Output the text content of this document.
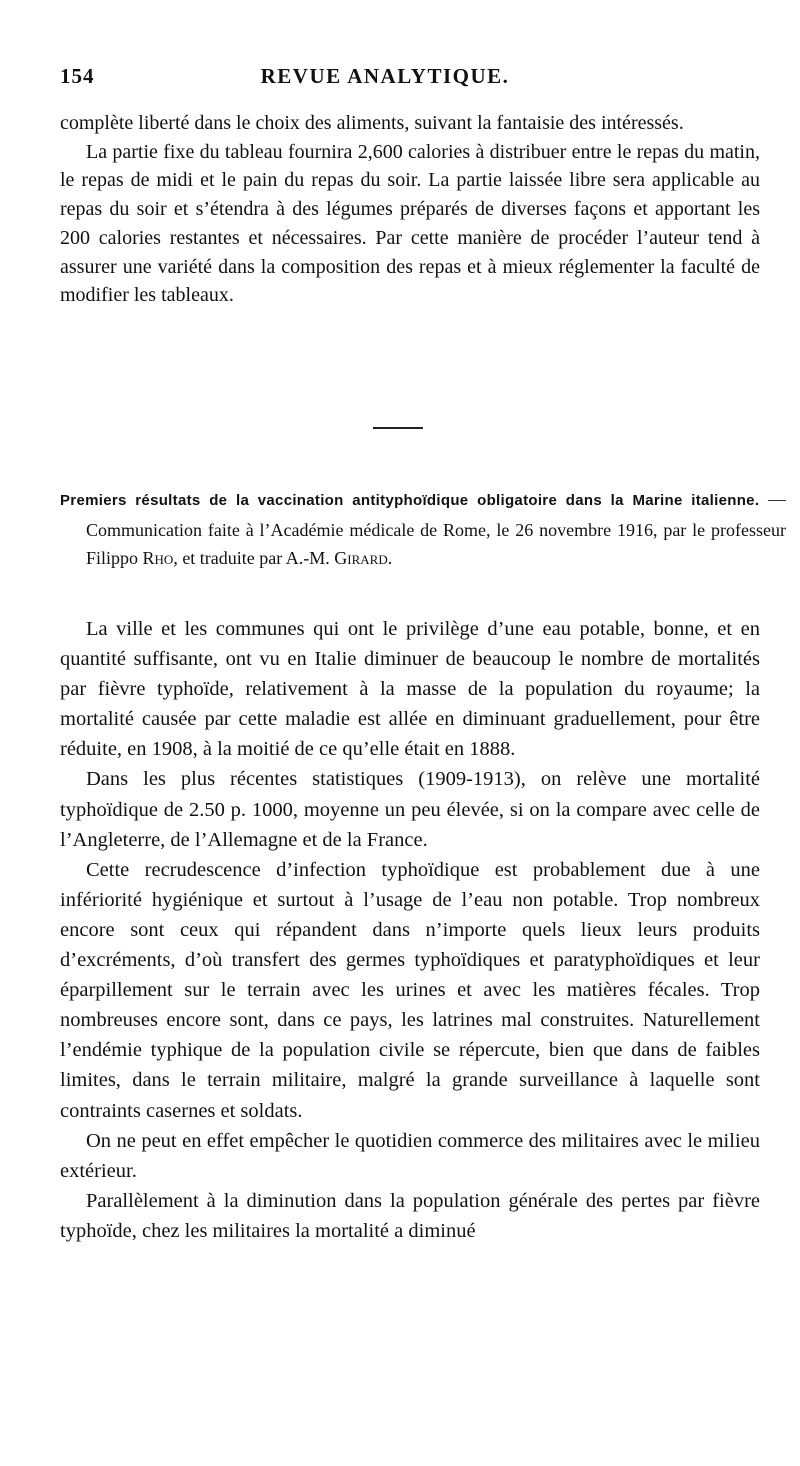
154	REVUE ANALYTIQUE.

complète liberté dans le choix des aliments, suivant la fantaisie des intéressés.

La partie fixe du tableau fournira 2,600 calories à distribuer entre le repas du matin, le repas de midi et le pain du repas du soir. La partie laissée libre sera applicable au repas du soir et s’étendra à des légumes préparés de diverses façons et apportant les 200 calories restantes et nécessaires. Par cette manière de procéder l’auteur tend à assurer une variété dans la composition des repas et à mieux réglementer la faculté de modifier les tableaux.

Premiers résultats de la vaccination antityphoïdique obligatoire dans la Marine italienne. — Communication faite à l’Académie médicale de Rome, le 26 novembre 1916, par le professeur Filippo Rho, et traduite par A.-M. Girard.

La ville et les communes qui ont le privilège d’une eau potable, bonne, et en quantité suffisante, ont vu en Italie diminuer de beaucoup le nombre de mortalités par fièvre typhoïde, relativement à la masse de la population du royaume; la mortalité causée par cette maladie est allée en diminuant graduellement, pour être réduite, en 1908, à la moitié de ce qu’elle était en 1888.

Dans les plus récentes statistiques (1909-1913), on relève une mortalité typhoïdique de 2.50 p. 1000, moyenne un peu élevée, si on la compare avec celle de l’Angleterre, de l’Allemagne et de la France.

Cette recrudescence d’infection typhoïdique est probablement due à une infériorité hygiénique et surtout à l’usage de l’eau non potable. Trop nombreux encore sont ceux qui répandent dans n’importe quels lieux leurs produits d’excréments, d’où transfert des germes typhoïdiques et paratyphoïdiques et leur éparpillement sur le terrain avec les urines et avec les matières fécales. Trop nombreuses encore sont, dans ce pays, les latrines mal construites. Naturellement l’endémie typhique de la population civile se répercute, bien que dans de faibles limites, dans le terrain militaire, malgré la grande surveillance à laquelle sont contraints casernes et soldats.

On ne peut en effet empêcher le quotidien commerce des militaires avec le milieu extérieur.

Parallèlement à la diminution dans la population générale des pertes par fièvre typhoïde, chez les militaires la mortalité a diminué
